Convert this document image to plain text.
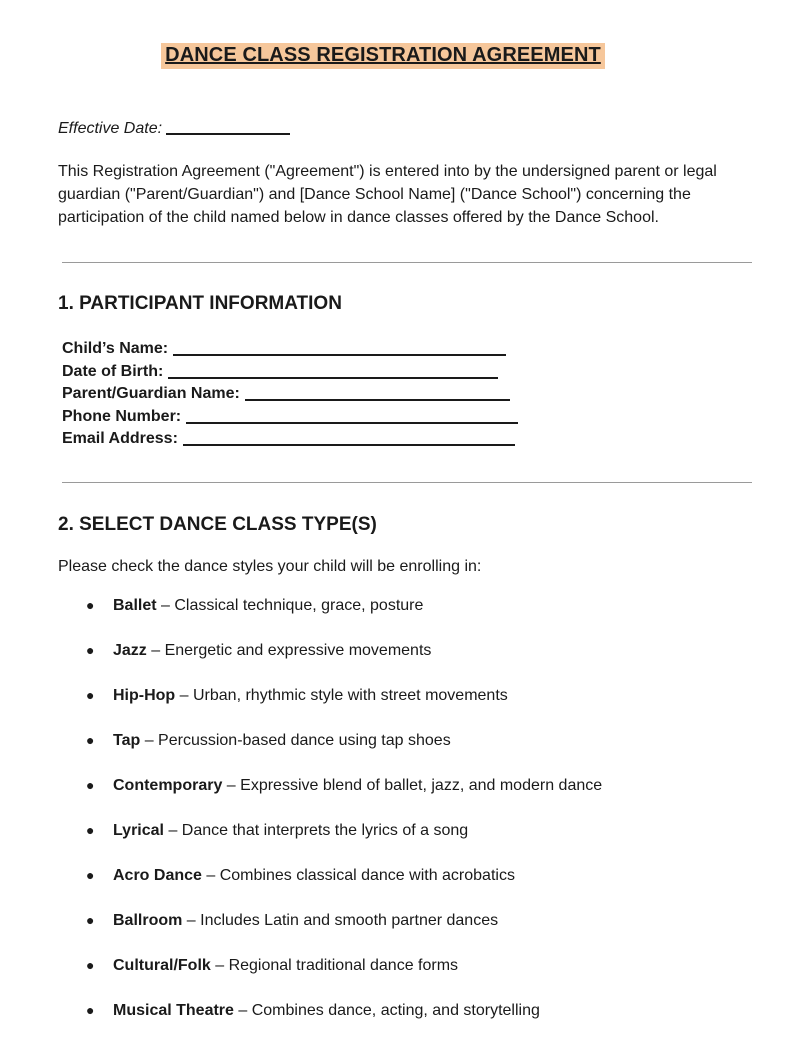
DANCE CLASS REGISTRATION AGREEMENT
Effective Date:
This Registration Agreement ("Agreement") is entered into by the undersigned parent or legal guardian ("Parent/Guardian") and [Dance School Name] ("Dance School") concerning the participation of the child named below in dance classes offered by the Dance School.
1. PARTICIPANT INFORMATION
Child’s Name:
Date of Birth:
Parent/Guardian Name:
Phone Number:
Email Address:
2. SELECT DANCE CLASS TYPE(S)
Please check the dance styles your child will be enrolling in:
● Ballet – Classical technique, grace, posture
● Jazz – Energetic and expressive movements
● Hip-Hop – Urban, rhythmic style with street movements
● Tap – Percussion-based dance using tap shoes
● Contemporary – Expressive blend of ballet, jazz, and modern dance
● Lyrical – Dance that interprets the lyrics of a song
● Acro Dance – Combines classical dance with acrobatics
● Ballroom – Includes Latin and smooth partner dances
● Cultural/Folk – Regional traditional dance forms
● Musical Theatre – Combines dance, acting, and storytelling
